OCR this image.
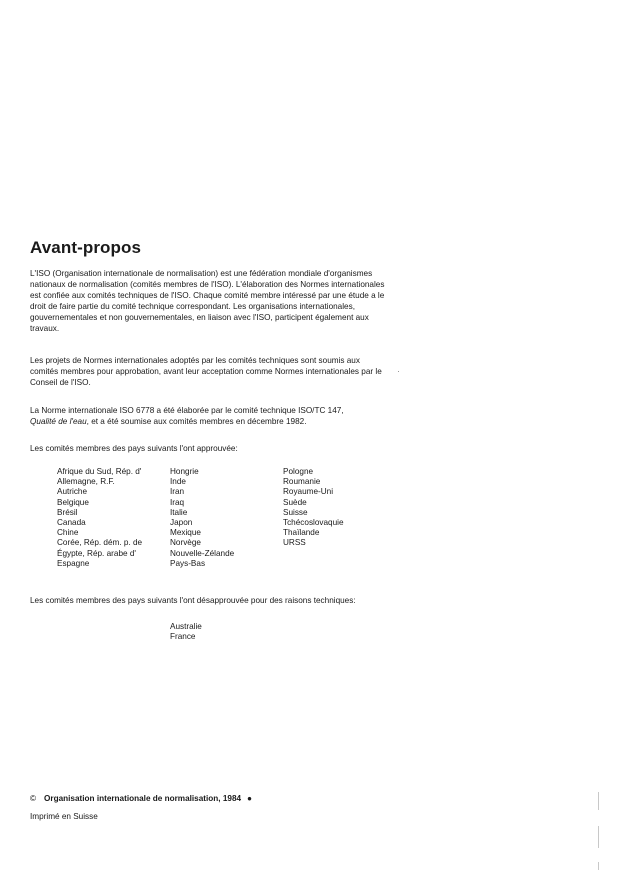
Avant-propos

L'ISO (Organisation internationale de normalisation) est une fédération mondiale d'organismes nationaux de normalisation (comités membres de l'ISO). L'élaboration des Normes internationales est confiée aux comités techniques de l'ISO. Chaque comité membre intéressé par une étude a le droit de faire partie du comité technique correspondant. Les organisations internationales, gouvernementales et non gouvernementales, en liaison avec l'ISO, participent également aux travaux.

Les projets de Normes internationales adoptés par les comités techniques sont soumis aux comités membres pour approbation, avant leur acceptation comme Normes internationales par le Conseil de l'ISO.

La Norme internationale ISO 6778 a été élaborée par le comité technique ISO/TC 147,
Qualité de l'eau, et a été soumise aux comités membres en décembre 1982.

Les comités membres des pays suivants l'ont approuvée:

Afrique du Sud, Rép. d'
Allemagne, R.F.
Autriche
Belgique
Brésil
Canada
Chine
Corée, Rép. dém. p. de
Égypte, Rép. arabe d'
Espagne
Hongrie
Inde
Iran
Iraq
Italie
Japon
Mexique
Norvège
Nouvelle-Zélande
Pays-Bas
Pologne
Roumanie
Royaume-Uni
Suède
Suisse
Tchécoslovaquie
Thaïlande
URSS

Les comités membres des pays suivants l'ont désapprouvée pour des raisons techniques:

Australie
France

© Organisation internationale de normalisation, 1984 ●

Imprimé en Suisse
